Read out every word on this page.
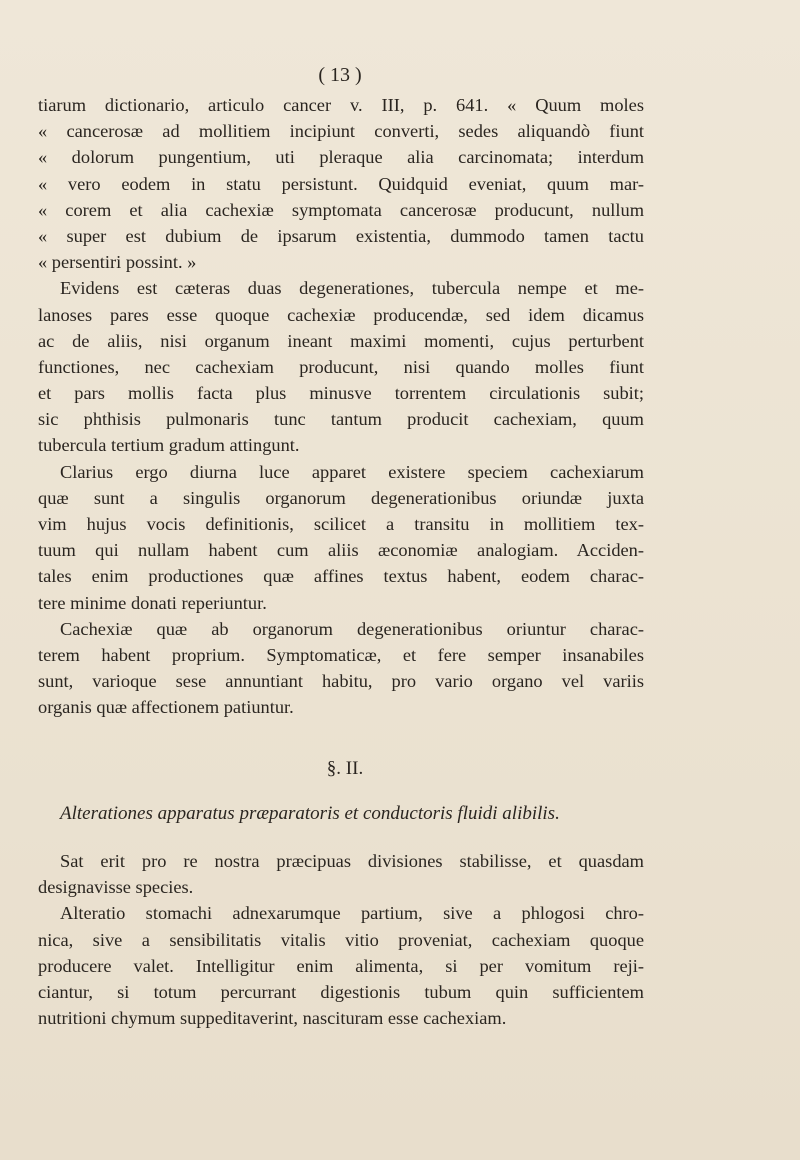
( 13 )
tiarum dictionario, articulo cancer v. III, p. 641. « Quum moles
« cancerosæ ad mollitiem incipiunt converti, sedes aliquandò fiunt
« dolorum pungentium, uti pleraque alia carcinomata; interdum
« vero eodem in statu persistunt. Quidquid eveniat, quum mar-
« corem et alia cachexiæ symptomata cancerosæ producunt, nullum
« super est dubium de ipsarum existentia, dummodo tamen tactu
« persentiri possint. »
Evidens est cæteras duas degenerationes, tubercula nempe et me-
lanoses pares esse quoque cachexiæ producendæ, sed idem dicamus
ac de aliis, nisi organum ineant maximi momenti, cujus perturbent
functiones, nec cachexiam producunt, nisi quando molles fiunt
et pars mollis facta plus minusve torrentem circulationis subit;
sic phthisis pulmonaris tunc tantum producit cachexiam, quum
tubercula tertium gradum attingunt.
Clarius ergo diurna luce apparet existere speciem cachexiarum
quæ sunt a singulis organorum degenerationibus oriundæ juxta
vim hujus vocis definitionis, scilicet a transitu in mollitiem tex-
tuum qui nullam habent cum aliis æconomiæ analogiam. Acciden-
tales enim productiones quæ affines textus habent, eodem charac-
tere minime donati reperiuntur.
Cachexiæ quæ ab organorum degenerationibus oriuntur charac-
terem habent proprium. Symptomaticæ, et fere semper insanabiles
sunt, varioque sese annuntiant habitu, pro vario organo vel variis
organis quæ affectionem patiuntur.
§. II.
Alterationes apparatus præparatoris et conductoris fluidi alibilis.
Sat erit pro re nostra præcipuas divisiones stabilisse, et quasdam
designavisse species.
Alteratio stomachi adnexarumque partium, sive a phlogosi chro-
nica, sive a sensibilitatis vitalis vitio proveniat, cachexiam quoque
producere valet. Intelligitur enim alimenta, si per vomitum reji-
ciantur, si totum percurrant digestionis tubum quin sufficientem
nutritioni chymum suppeditaverint, nascituram esse cachexiam.
